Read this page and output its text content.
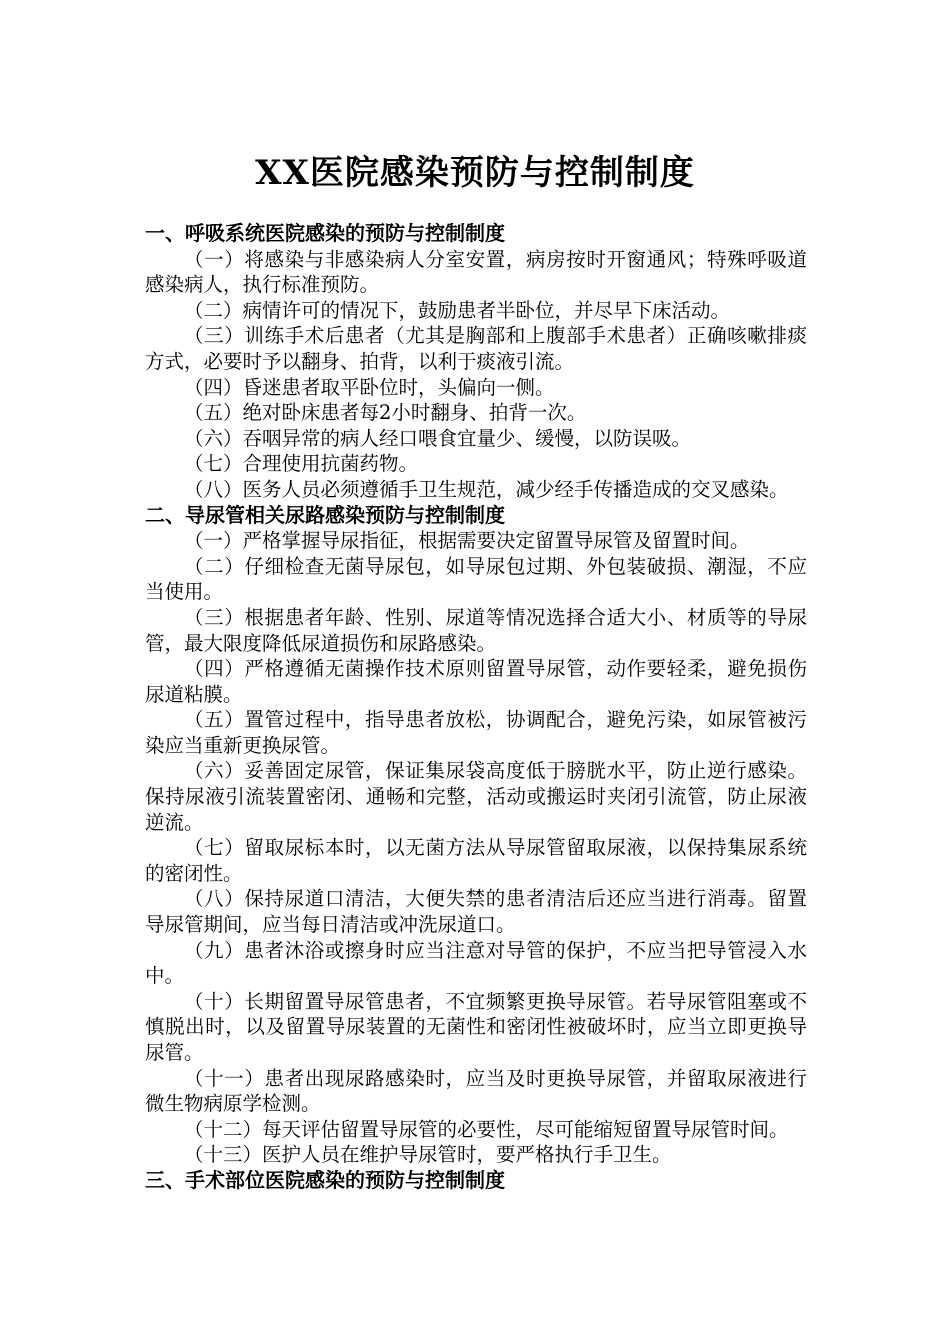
XX医院感染预防与控制制度

一、呼吸系统医院感染的预防与控制制度

（一）将感染与非感染病人分室安置，病房按时开窗通风；特殊呼吸道感染病人，执行标准预防。

（二）病情许可的情况下，鼓励患者半卧位，并尽早下床活动。

（三）训练手术后患者（尤其是胸部和上腹部手术患者）正确咳嗽排痰方式，必要时予以翻身、拍背，以利于痰液引流。

（四）昏迷患者取平卧位时，头偏向一侧。

（五）绝对卧床患者每2小时翻身、拍背一次。

（六）吞咽异常的病人经口喂食宜量少、缓慢，以防误吸。

（七）合理使用抗菌药物。

（八）医务人员必须遵循手卫生规范，减少经手传播造成的交叉感染。

二、导尿管相关尿路感染预防与控制制度

（一）严格掌握导尿指征，根据需要决定留置导尿管及留置时间。

（二）仔细检查无菌导尿包，如导尿包过期、外包装破损、潮湿，不应当使用。

（三）根据患者年龄、性别、尿道等情况选择合适大小、材质等的导尿管，最大限度降低尿道损伤和尿路感染。

（四）严格遵循无菌操作技术原则留置导尿管，动作要轻柔，避免损伤尿道粘膜。

（五）置管过程中，指导患者放松，协调配合，避免污染，如尿管被污染应当重新更换尿管。

（六）妥善固定尿管，保证集尿袋高度低于膀胱水平，防止逆行感染。保持尿液引流装置密闭、通畅和完整，活动或搬运时夹闭引流管，防止尿液逆流。

（七）留取尿标本时，以无菌方法从导尿管留取尿液，以保持集尿系统的密闭性。

（八）保持尿道口清洁，大便失禁的患者清洁后还应当进行消毒。留置导尿管期间，应当每日清洁或冲洗尿道口。

（九）患者沐浴或擦身时应当注意对导管的保护，不应当把导管浸入水中。

（十）长期留置导尿管患者，不宜频繁更换导尿管。若导尿管阻塞或不慎脱出时，以及留置导尿装置的无菌性和密闭性被破坏时，应当立即更换导尿管。

（十一）患者出现尿路感染时，应当及时更换导尿管，并留取尿液进行微生物病原学检测。

（十二）每天评估留置导尿管的必要性，尽可能缩短留置导尿管时间。

（十三）医护人员在维护导尿管时，要严格执行手卫生。

三、手术部位医院感染的预防与控制制度
